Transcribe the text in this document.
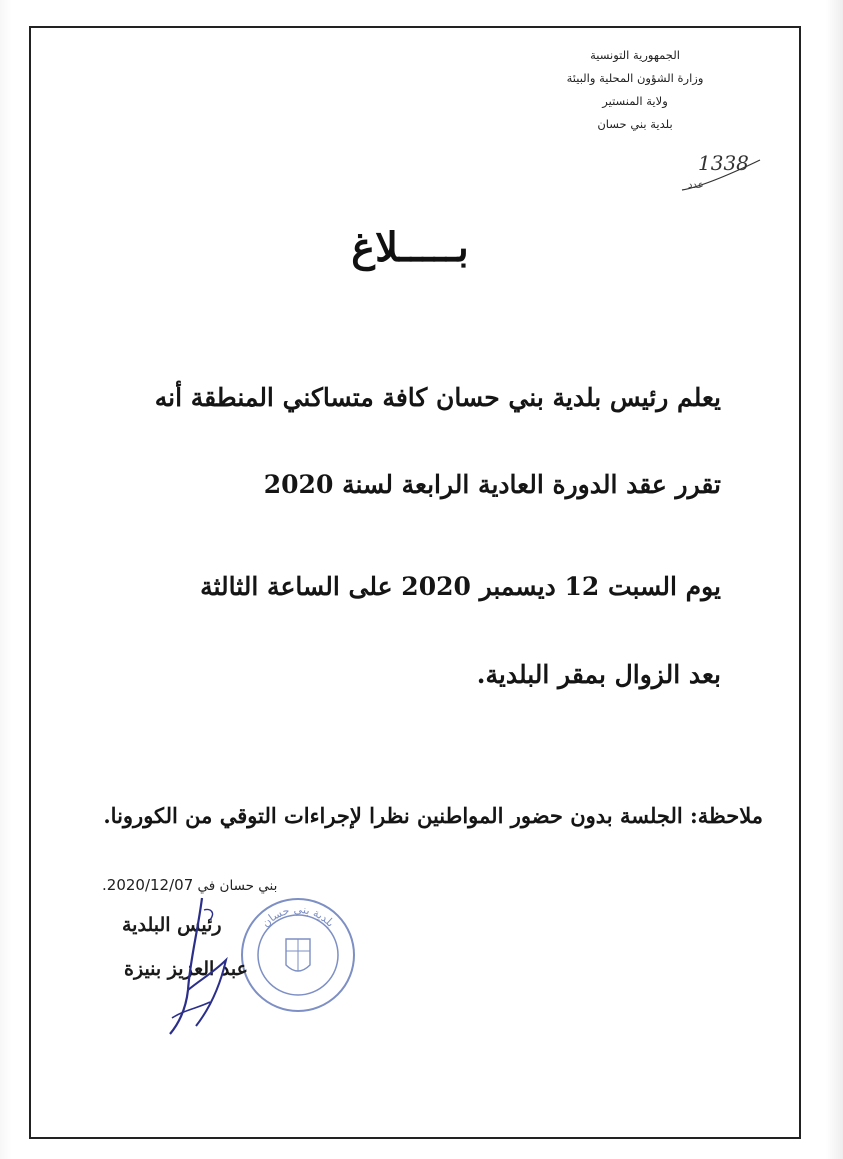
الجمهورية التونسية
وزارة الشؤون المحلية والبيئة
ولاية المنستير
بلدية بني حسان
1338
عدد
بـــــلاغ
يعلم رئيس بلدية بني حسان كافة متساكني المنطقة أنه
تقرر عقد الدورة العادية الرابعة لسنة 2020
يوم السبت 12 ديسمبر 2020 على الساعة الثالثة
بعد الزوال بمقر البلدية.
ملاحظة: الجلسة بدون حضور المواطنين نظرا لإجراءات التوقي من الكورونا.
بني حسان في 2020/12/07.
بلدية بني حسان
رئيس البلدية
عبد العزيز بنيزة
